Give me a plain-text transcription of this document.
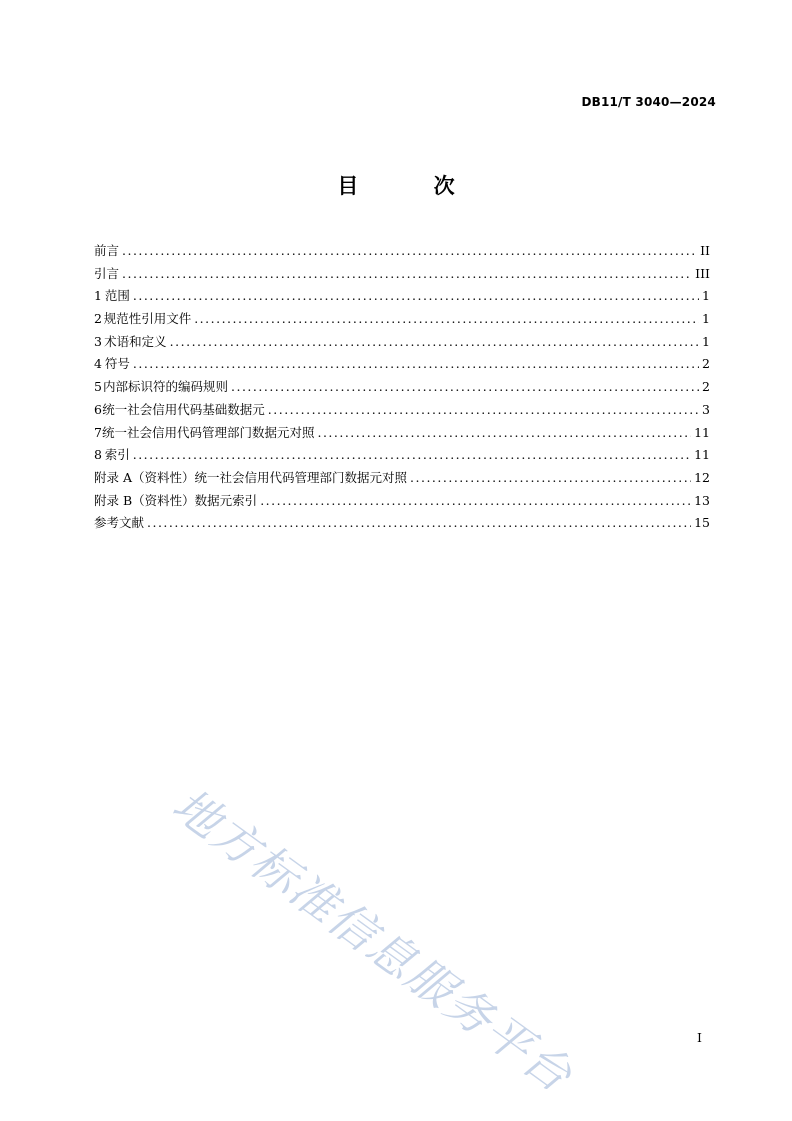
DB11/T 3040—2024
目 次
前言 .....	II
引言 .....	III
1 范围 .....	1
2 规范性引用文件 .....	1
3 术语和定义 .....	1
4 符号 .....	2
5 内部标识符的编码规则 .....	2
6 统一社会信用代码基础数据元 .....	3
7 统一社会信用代码管理部门数据元对照 .....	11
8 索引 .....	11
附录 A（资料性） 统一社会信用代码管理部门数据元对照 .....	12
附录 B（资料性） 数据元索引 .....	13
参考文献 .....	15
地方标准信息服务平台	I
